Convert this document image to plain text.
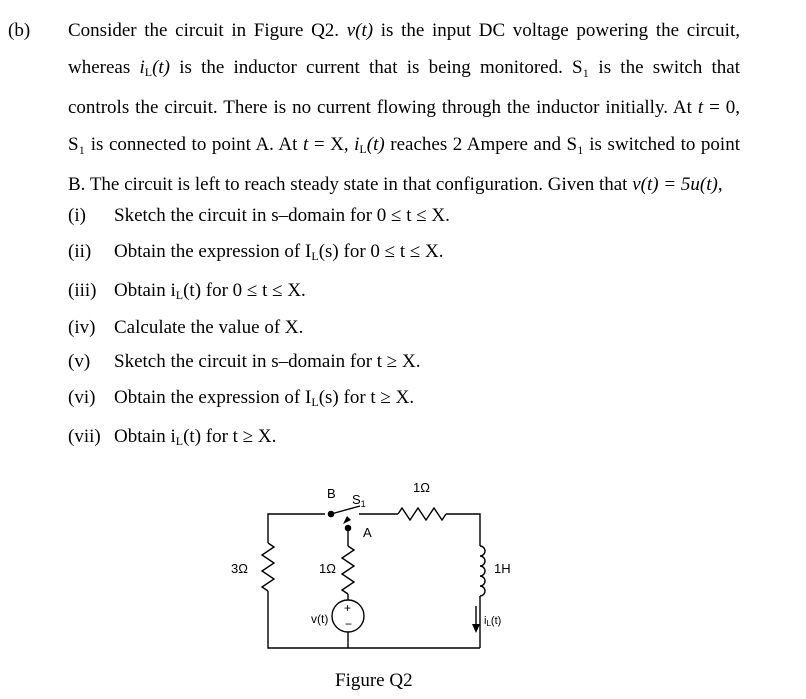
(b) Consider the circuit in Figure Q2. v(t) is the input DC voltage powering the circuit,
whereas $i_L(t)$ is the inductor current that is being monitored. S₁ is the switch that
controls the circuit. There is no current flowing through the inductor initially. At t = 0,
S₁ is connected to point A. At t = X, $i_L(t)$ reaches 2 Ampere and S₁ is switched to point
B. The circuit is left to reach steady state in that configuration. Given that v(t) = 5u(t),
(i) Sketch the circuit in s–domain for 0 ≤ t ≤ X.
(ii) Obtain the expression of $I_L(s)$ for 0 ≤ t ≤ X.
(iii) Obtain $i_L(t)$ for 0 ≤ t ≤ X.
(iv) Calculate the value of X.
(v) Sketch the circuit in s–domain for t ≥ X.
(vi) Obtain the expression of $I_L(s)$ for t ≥ X.
(vii) Obtain $i_L(t)$ for t ≥ X.
B $S_1$
A
1Ω
3Ω	1Ω	1H
v(t)
+
−	iL(t)
Figure Q2
